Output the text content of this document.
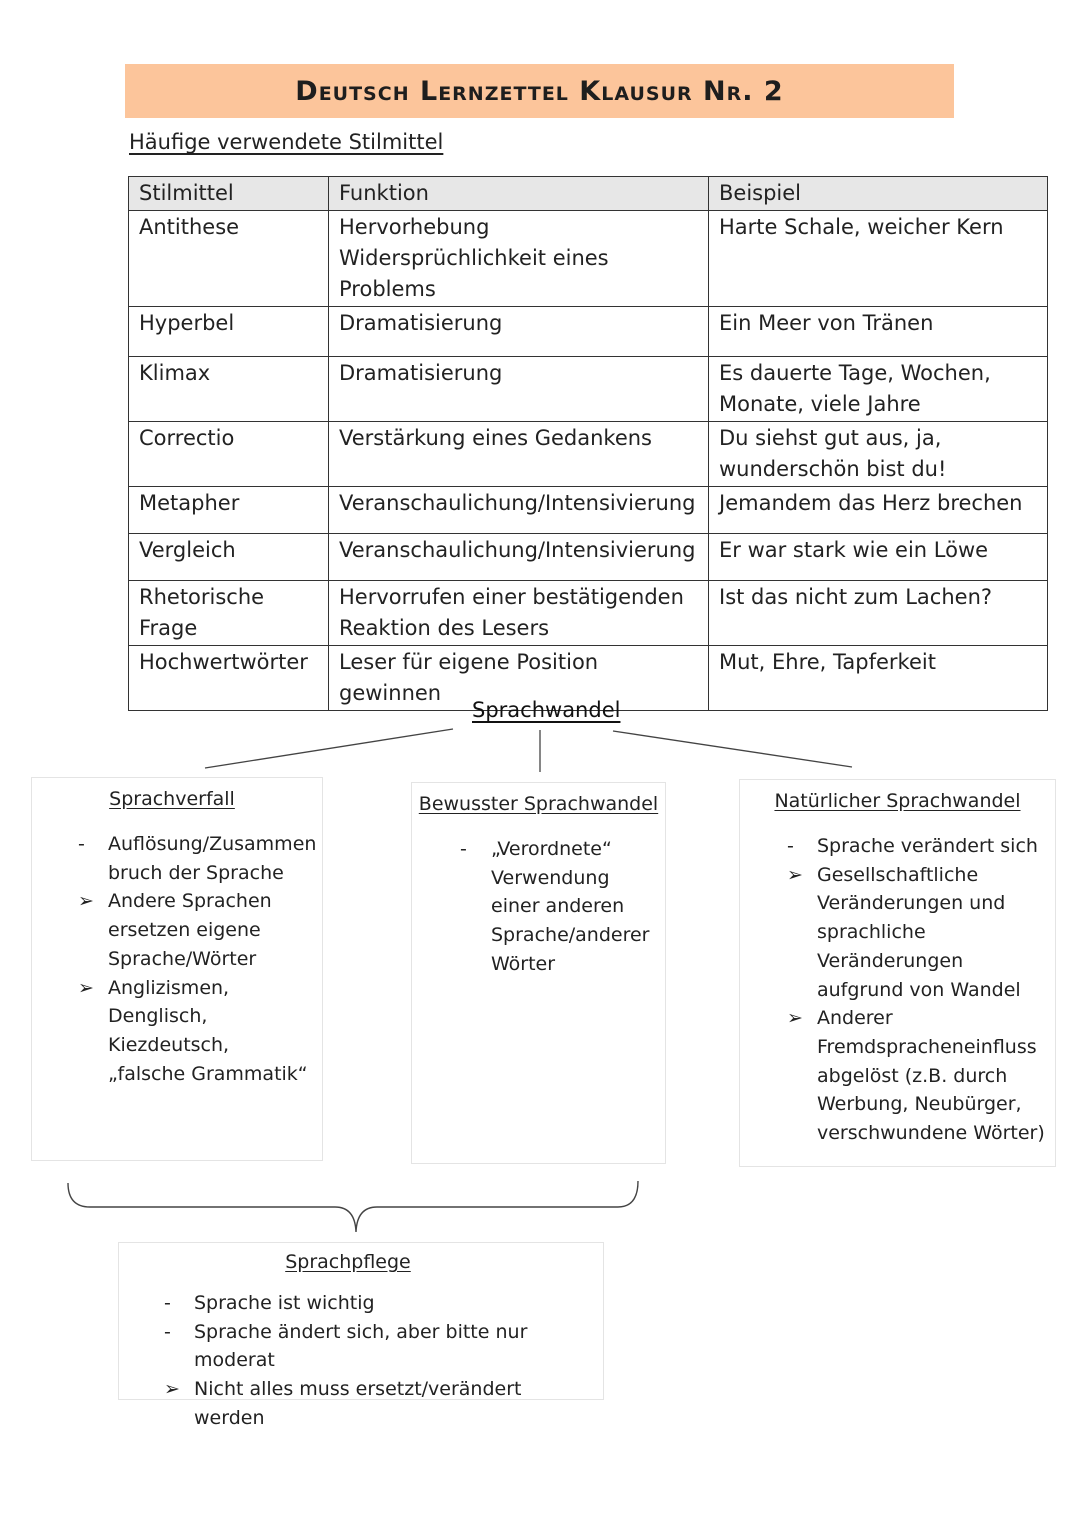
Deutsch Lernzettel Klausur Nr. 2
Häufige verwendete Stilmittel
Stilmittel	Funktion	Beispiel
Antithese	Hervorhebung Widersprüchlichkeit eines Problems	Harte Schale, weicher Kern
Hyperbel	Dramatisierung	Ein Meer von Tränen
Klimax	Dramatisierung	Es dauerte Tage, Wochen, Monate, viele Jahre
Correctio	Verstärkung eines Gedankens	Du siehst gut aus, ja, wunderschön bist du!
Metapher	Veranschaulichung/Intensivierung	Jemandem das Herz brechen
Vergleich	Veranschaulichung/Intensivierung	Er war stark wie ein Löwe
Rhetorische Frage	Hervorrufen einer bestätigenden Reaktion des Lesers	Ist das nicht zum Lachen?
Hochwertwörter	Leser für eigene Position gewinnen	Mut, Ehre, Tapferkeit
Sprachwandel
Sprachverfall
-	Auflösung/Zusammen bruch der Sprache
➢ Andere Sprachen ersetzen eigene Sprache/Wörter
➢ Anglizismen, Denglisch, Kiezdeutsch, „falsche Grammatik“
Bewusster Sprachwandel
-	„Verordnete“ Verwendung einer anderen Sprache/anderer Wörter
Natürlicher Sprachwandel
-	Sprache verändert sich
➢ Gesellschaftliche Veränderungen und sprachliche Veränderungen aufgrund von Wandel
➢ Anderer Fremdspracheneinfluss abgelöst (z.B. durch Werbung, Neubürger, verschwundene Wörter)
Sprachpflege
-	Sprache ist wichtig
-	Sprache ändert sich, aber bitte nur moderat
➢ Nicht alles muss ersetzt/verändert werden
